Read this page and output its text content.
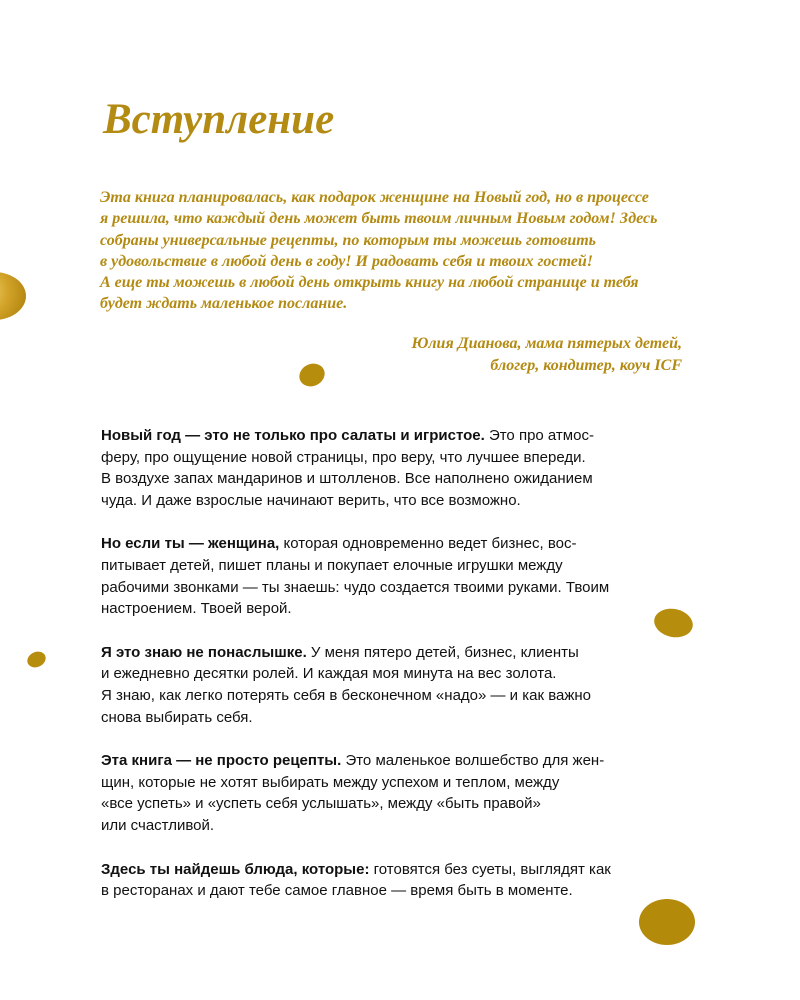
Вступление

Эта книга планировалась, как подарок женщине на Новый год, но в процессе
я решила, что каждый день может быть твоим личным Новым годом! Здесь
собраны универсальные рецепты, по которым ты можешь готовить
в удовольствие в любой день в году! И радовать себя и твоих гостей!
А еще ты можешь в любой день открыть книгу на любой странице и тебя
будет ждать маленькое послание.

Юлия Дианова, мама пятерых детей,
блогер, кондитер, коуч ICF

Новый год — это не только про салаты и игристое. Это про атмос-
феру, про ощущение новой страницы, про веру, что лучшее впереди.
В воздухе запах мандаринов и штолленов. Все наполнено ожиданием
чуда. И даже взрослые начинают верить, что все возможно.

Но если ты — женщина, которая одновременно ведет бизнес, вос-
питывает детей, пишет планы и покупает елочные игрушки между
рабочими звонками — ты знаешь: чудо создается твоими руками. Твоим
настроением. Твоей верой.

Я это знаю не понаслышке. У меня пятеро детей, бизнес, клиенты
и ежедневно десятки ролей. И каждая моя минута на вес золота.
Я знаю, как легко потерять себя в бесконечном «надо» — и как важно
снова выбирать себя.

Эта книга — не просто рецепты. Это маленькое волшебство для жен-
щин, которые не хотят выбирать между успехом и теплом, между
«все успеть» и «успеть себя услышать», между «быть правой»
или счастливой.

Здесь ты найдешь блюда, которые: готовятся без суеты, выглядят как
в ресторанах и дают тебе самое главное — время быть в моменте.
